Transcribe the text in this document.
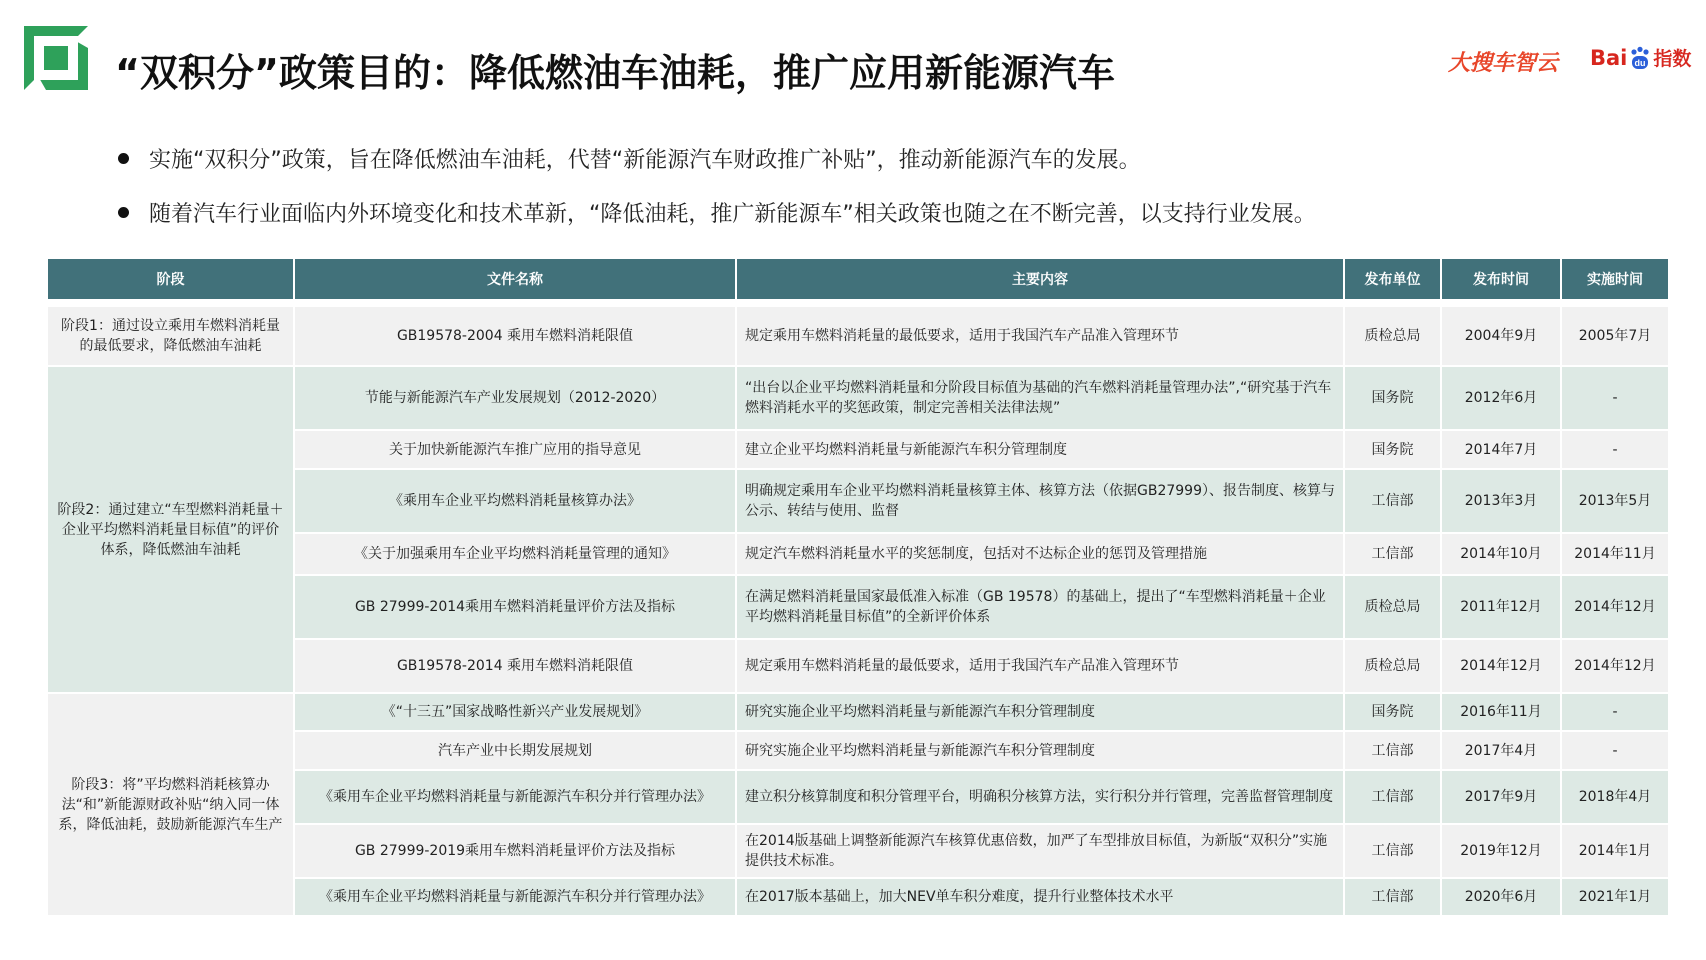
“双积分”政策目的：降低燃油车油耗，推广应用新能源汽车	大搜车智云 Bai du 指数
实施“双积分”政策，旨在降低燃油车油耗，代替“新能源汽车财政推广补贴”，推动新能源汽车的发展。
随着汽车行业面临内外环境变化和技术革新，“降低油耗，推广新能源车”相关政策也随之在不断完善，以支持行业发展。
阶段	文件名称	主要内容	发布单位	发布时间	实施时间

阶段1：通过设立乘用车燃料消耗量的最低要求，降低燃油车油耗	GB19578-2004 乘用车燃料消耗限值	规定乘用车燃料消耗量的最低要求，适用于我国汽车产品准入管理环节	质检总局	2004年9月	2005年7月
阶段2：通过建立“车型燃料消耗量＋企业平均燃料消耗量目标值”的评价体系，降低燃油车油耗	节能与新能源汽车产业发展规划（2012-2020）	“出台以企业平均燃料消耗量和分阶段目标值为基础的汽车燃料消耗量管理办法”,“研究基于汽车燃料消耗水平的奖惩政策，制定完善相关法律法规”	国务院	2012年6月	-
	关于加快新能源汽车推广应用的指导意见	建立企业平均燃料消耗量与新能源汽车积分管理制度	国务院	2014年7月	-
	《乘用车企业平均燃料消耗量核算办法》	明确规定乘用车企业平均燃料消耗量核算主体、核算方法（依据GB27999）、报告制度、核算与公示、转结与使用、监督	工信部	2013年3月	2013年5月
	《关于加强乘用车企业平均燃料消耗量管理的通知》	规定汽车燃料消耗量水平的奖惩制度，包括对不达标企业的惩罚及管理措施	工信部	2014年10月	2014年11月
	GB 27999-2014乘用车燃料消耗量评价方法及指标	在满足燃料消耗量国家最低准入标准（GB 19578）的基础上，提出了“车型燃料消耗量＋企业平均燃料消耗量目标值”的全新评价体系	质检总局	2011年12月	2014年12月
	GB19578-2014 乘用车燃料消耗限值	规定乘用车燃料消耗量的最低要求，适用于我国汽车产品准入管理环节	质检总局	2014年12月	2014年12月
阶段3：将”平均燃料消耗核算办法“和”新能源财政补贴“纳入同一体系，降低油耗，鼓励新能源汽车生产	《“十三五”国家战略性新兴产业发展规划》	研究实施企业平均燃料消耗量与新能源汽车积分管理制度	国务院	2016年11月	-
	汽车产业中长期发展规划	研究实施企业平均燃料消耗量与新能源汽车积分管理制度	工信部	2017年4月	-
	《乘用车企业平均燃料消耗量与新能源汽车积分并行管理办法》	建立积分核算制度和积分管理平台，明确积分核算方法，实行积分并行管理，完善监督管理制度	工信部	2017年9月	2018年4月
	GB 27999-2019乘用车燃料消耗量评价方法及指标	在2014版基础上调整新能源汽车核算优惠倍数，加严了车型排放目标值，为新版“双积分”实施提供技术标准。	工信部	2019年12月	2014年1月
	《乘用车企业平均燃料消耗量与新能源汽车积分并行管理办法》	在2017版本基础上，加大NEV单车积分难度，提升行业整体技术水平	工信部	2020年6月	2021年1月
